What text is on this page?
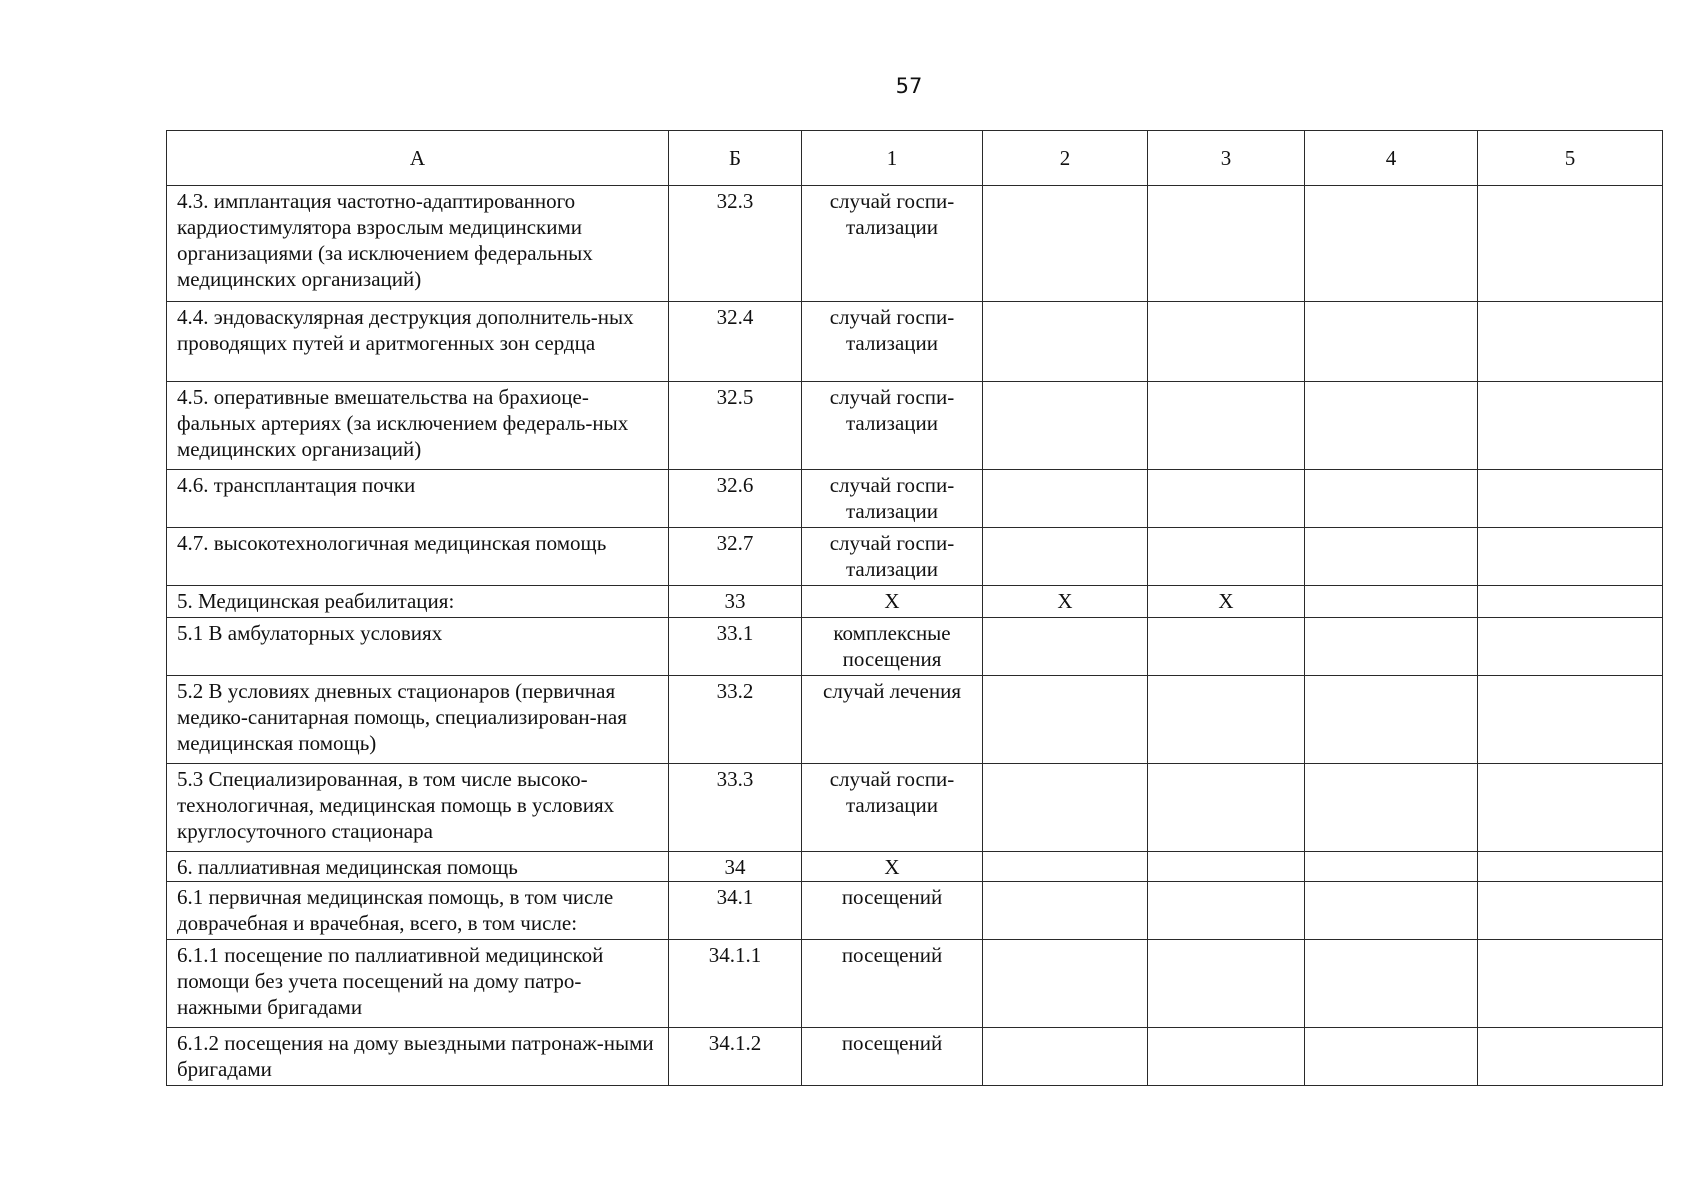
57
А	Б	1	2	3	4	5
4.3. имплантация частотно-адаптированного кардиостимулятора взрослым медицинскими организациями (за исключением федеральных медицинских организаций)	32.3	случай госпи-тализации				
4.4. эндоваскулярная деструкция дополнитель-ных проводящих путей и аритмогенных зон сердца	32.4	случай госпи-тализации				
4.5. оперативные вмешательства на брахиоце-фальных артериях (за исключением федераль-ных медицинских организаций)	32.5	случай госпи-тализации				
4.6. трансплантация почки	32.6	случай госпи-тализации				
4.7. высокотехнологичная медицинская помощь	32.7	случай госпи-тализации				
5. Медицинская реабилитация:	33	Х	Х	Х		
5.1 В амбулаторных условиях	33.1	комплексные посещения				
5.2 В условиях дневных стационаров (первичная медико-санитарная помощь, специализирован-ная медицинская помощь)	33.2	случай лечения				
5.3 Специализированная, в том числе высоко-технологичная, медицинская помощь в условиях круглосуточного стационара	33.3	случай госпи-тализации				
6. паллиативная медицинская помощь	34	Х				
6.1 первичная медицинская помощь, в том числе доврачебная и врачебная, всего, в том числе:	34.1	посещений				
6.1.1 посещение по паллиативной медицинской помощи без учета посещений на дому патро-нажными бригадами	34.1.1	посещений				
6.1.2 посещения на дому выездными патронаж-ными бригадами	34.1.2	посещений				
